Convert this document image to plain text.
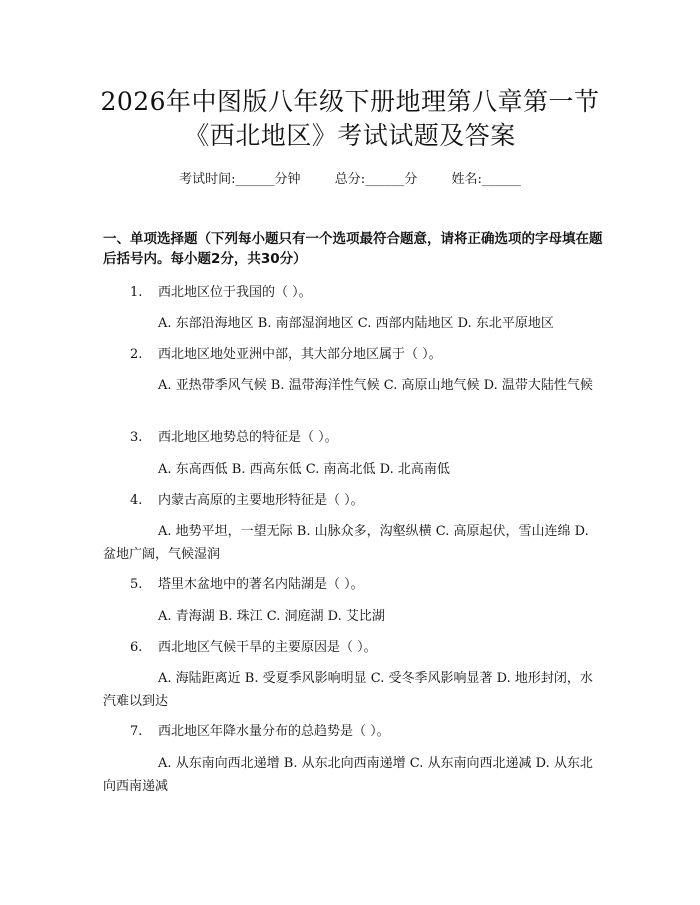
2026年中图版八年级下册地理第八章第一节
《西北地区》考试试题及答案
考试时间:______分钟	总分:______分	姓名:______
一、单项选择题（下列每小题只有一个选项最符合题意，请将正确选项的字母填在题后括号内。每小题2分，共30分）
1. 西北地区位于我国的（ ）。
A. 东部沿海地区 B. 南部湿润地区 C. 西部内陆地区 D. 东北平原地区
2. 西北地区地处亚洲中部，其大部分地区属于（ ）。
A. 亚热带季风气候 B. 温带海洋性气候 C. 高原山地气候 D. 温带大陆性气候
3. 西北地区地势总的特征是（ ）。
A. 东高西低 B. 西高东低 C. 南高北低 D. 北高南低
4. 内蒙古高原的主要地形特征是（ ）。
A. 地势平坦，一望无际 B. 山脉众多，沟壑纵横 C. 高原起伏，雪山连绵 D. 盆地广阔，气候湿润
5. 塔里木盆地中的著名内陆湖是（ ）。
A. 青海湖 B. 珠江 C. 洞庭湖 D. 艾比湖
6. 西北地区气候干旱的主要原因是（ ）。
A. 海陆距离近 B. 受夏季风影响明显 C. 受冬季风影响显著 D. 地形封闭，水汽难以到达
7. 西北地区年降水量分布的总趋势是（ ）。
A. 从东南向西北递增 B. 从东北向西南递增 C. 从东南向西北递减 D. 从东北向西南递减
